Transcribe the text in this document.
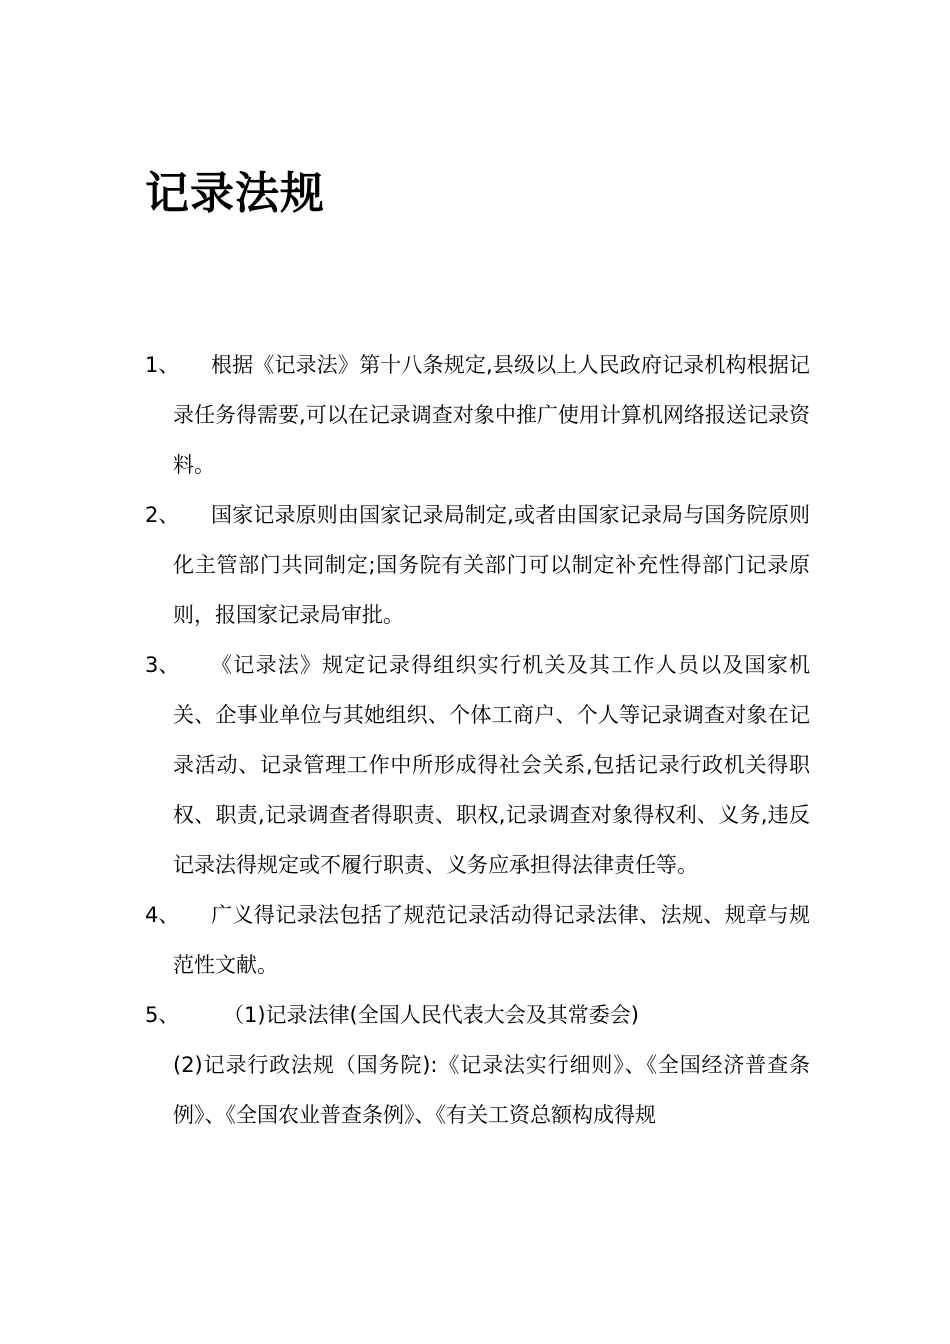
记录法规
1、	根据《记录法》第十八条规定,县级以上人民政府记录机构根据记录任务得需要,可以在记录调查对象中推广使用计算机网络报送记录资料。
2、	国家记录原则由国家记录局制定,或者由国家记录局与国务院原则化主管部门共同制定;国务院有关部门可以制定补充性得部门记录原则，报国家记录局审批。
3、	《记录法》规定记录得组织实行机关及其工作人员以及国家机关、企事业单位与其她组织、个体工商户、个人等记录调查对象在记录活动、记录管理工作中所形成得社会关系,包括记录行政机关得职权、职责,记录调查者得职责、职权,记录调查对象得权利、义务,违反记录法得规定或不履行职责、义务应承担得法律责任等。
4、	广义得记录法包括了规范记录活动得记录法律、法规、规章与规范性文献。
5、	（1)记录法律(全国人民代表大会及其常委会)
(2)记录行政法规（国务院):《记录法实行细则》、《全国经济普查条例》、《全国农业普查条例》、《有关工资总额构成得规
